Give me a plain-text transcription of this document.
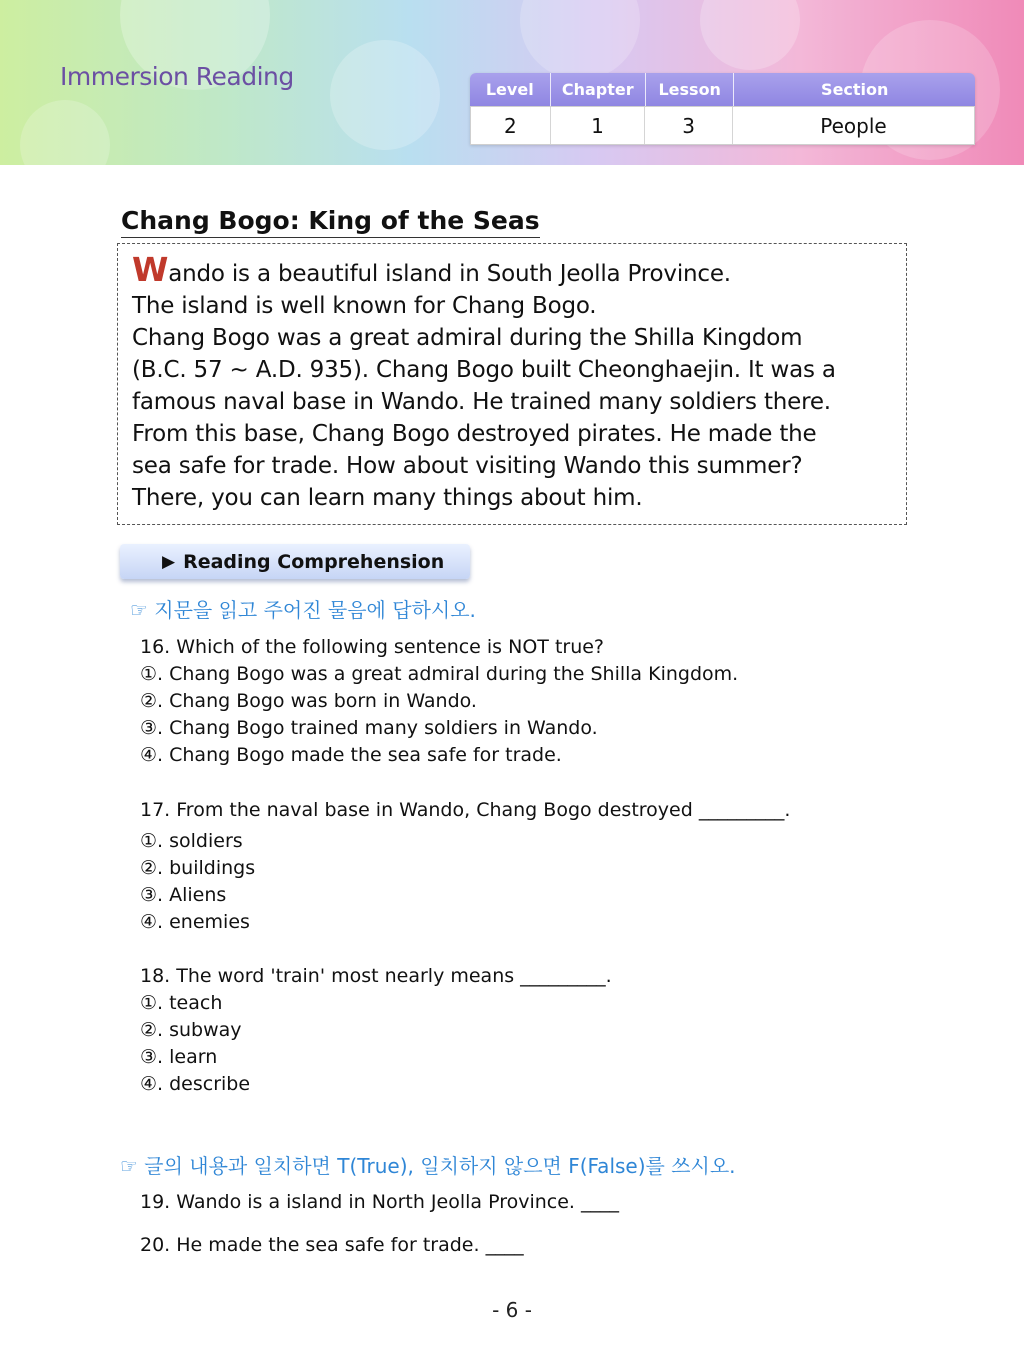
Immersion Reading	Level	Chapter	Lesson	Section
2	1	3	People
Chang Bogo: King of the Seas

Wando is a beautiful island in South Jeolla Province.

The island is well known for Chang Bogo.

Chang Bogo was a great admiral during the Shilla Kingdom

(B.C. 57 ~ A.D. 935). Chang Bogo built Cheonghaejin. It was a

famous naval base in Wando. He trained many soldiers there.

From this base, Chang Bogo destroyed pirates. He made the

sea safe for trade. How about visiting Wando this summer?

There, you can learn many things about him.

▶ Reading Comprehension
☞ 지문을 읽고 주어진 물음에 답하시오.
16. Which of the following sentence is NOT true?
①. Chang Bogo was a great admiral during the Shilla Kingdom.
②. Chang Bogo was born in Wando.
③. Chang Bogo trained many soldiers in Wando.
④. Chang Bogo made the sea safe for trade.
17. From the naval base in Wando, Chang Bogo destroyed _________.
①. soldiers
②. buildings
③. Aliens
④. enemies
18. The word 'train' most nearly means _________.
①. teach
②. subway
③. learn
④. describe
☞ 글의 내용과 일치하면 T(True), 일치하지 않으면 F(False)를 쓰시오.
19. Wando is a island in North Jeolla Province. ____
20. He made the sea safe for trade. ____
- 6 -
